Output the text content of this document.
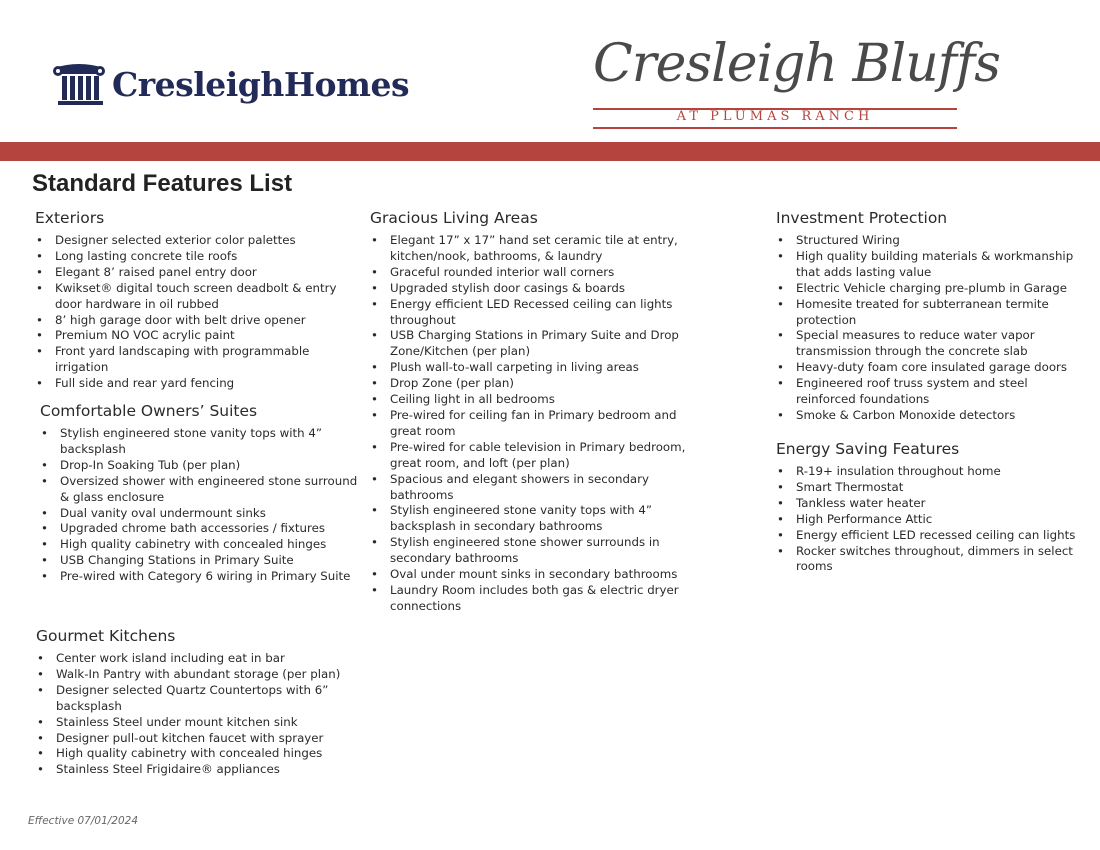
CresleighHomes	Cresleigh Bluffs
AT PLUMAS RANCH
Standard Features List
Exteriors
• Designer selected exterior color palettes
• Long lasting concrete tile roofs
• Elegant 8’ raised panel entry door
• Kwikset® digital touch screen deadbolt & entry door hardware in oil rubbed
• 8’ high garage door with belt drive opener
• Premium NO VOC acrylic paint
• Front yard landscaping with programmable irrigation
• Full side and rear yard fencing
Comfortable Owners’ Suites
• Stylish engineered stone vanity tops with 4” backsplash
• Drop-In Soaking Tub (per plan)
• Oversized shower with engineered stone surround & glass enclosure
• Dual vanity oval undermount sinks
• Upgraded chrome bath accessories / fixtures
• High quality cabinetry with concealed hinges
• USB Changing Stations in Primary Suite
• Pre-wired with Category 6 wiring in Primary Suite
Gourmet Kitchens
• Center work island including eat in bar
• Walk-In Pantry with abundant storage (per plan)
• Designer selected Quartz Countertops with 6” backsplash
• Stainless Steel under mount kitchen sink
• Designer pull-out kitchen faucet with sprayer
• High quality cabinetry with concealed hinges
• Stainless Steel Frigidaire® appliances
Gracious Living Areas
• Elegant 17” x 17” hand set ceramic tile at entry, kitchen/nook, bathrooms, & laundry
• Graceful rounded interior wall corners
• Upgraded stylish door casings & boards
• Energy efficient LED Recessed ceiling can lights throughout
• USB Charging Stations in Primary Suite and Drop Zone/Kitchen (per plan)
• Plush wall-to-wall carpeting in living areas
• Drop Zone (per plan)
• Ceiling light in all bedrooms
• Pre-wired for ceiling fan in Primary bedroom and great room
• Pre-wired for cable television in Primary bedroom, great room, and loft (per plan)
• Spacious and elegant showers in secondary bathrooms
• Stylish engineered stone vanity tops with 4” backsplash in secondary bathrooms
• Stylish engineered stone shower surrounds in secondary bathrooms
• Oval under mount sinks in secondary bathrooms
• Laundry Room includes both gas & electric dryer connections
Investment Protection
• Structured Wiring
• High quality building materials & workmanship that adds lasting value
• Electric Vehicle charging pre-plumb in Garage
• Homesite treated for subterranean termite protection
• Special measures to reduce water vapor transmission through the concrete slab
• Heavy-duty foam core insulated garage doors
• Engineered roof truss system and steel reinforced foundations
• Smoke & Carbon Monoxide detectors
Energy Saving Features
• R-19+ insulation throughout home
• Smart Thermostat
• Tankless water heater
• High Performance Attic
• Energy efficient LED recessed ceiling can lights
• Rocker switches throughout, dimmers in select rooms
Effective 07/01/2024
